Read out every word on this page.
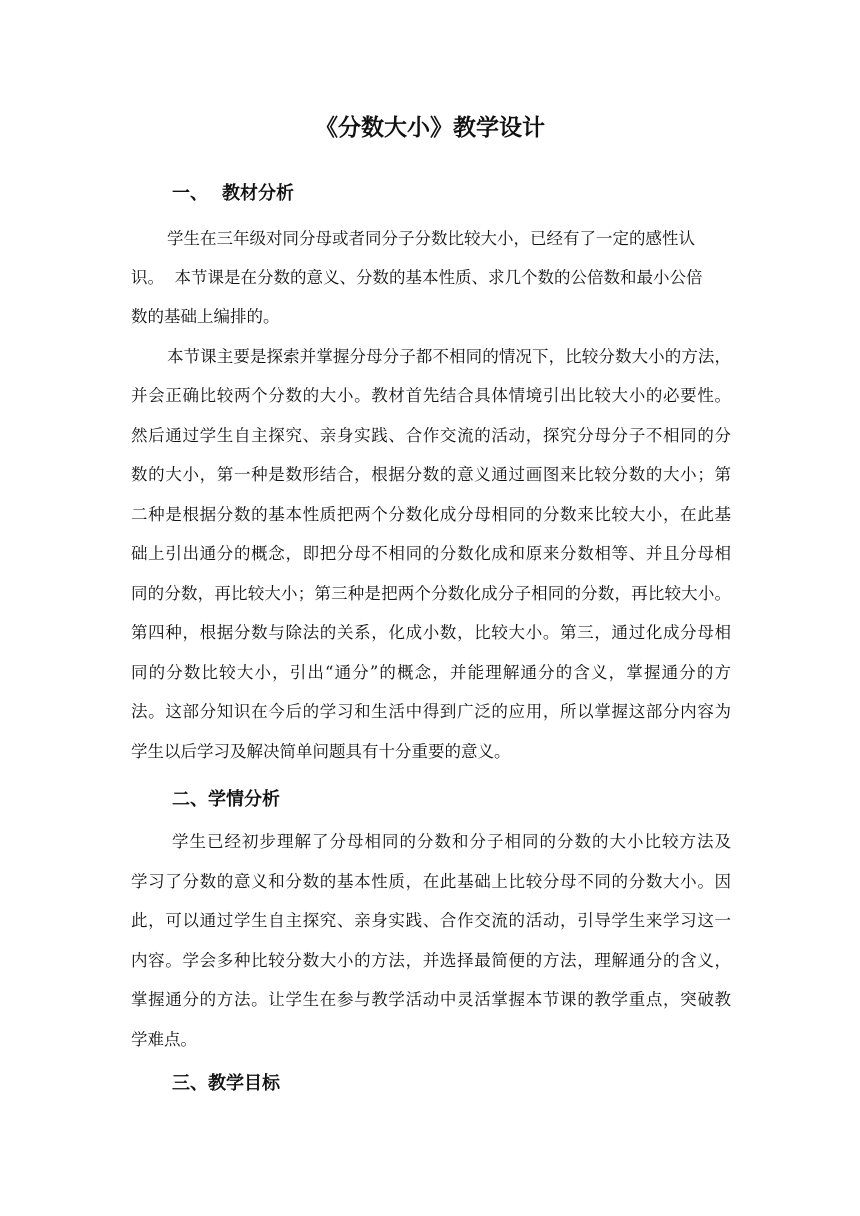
《分数大小》教学设计
一、 教材分析

学生在三年级对同分母或者同分子分数比较大小，已经有了一定的感性认

识。  本节课是在分数的意义、分数的基本性质、求几个数的公倍数和最小公倍

数的基础上编排的。

本节课主要是探索并掌握分母分子都不相同的情况下，比较分数大小的方法，

并会正确比较两个分数的大小。教材首先结合具体情境引出比较大小的必要性。

然后通过学生自主探究、亲身实践、合作交流的活动，探究分母分子不相同的分

数的大小，第一种是数形结合，根据分数的意义通过画图来比较分数的大小；第

二种是根据分数的基本性质把两个分数化成分母相同的分数来比较大小，在此基

础上引出通分的概念，即把分母不相同的分数化成和原来分数相等、并且分母相

同的分数，再比较大小；第三种是把两个分数化成分子相同的分数，再比较大小。

第四种，根据分数与除法的关系，化成小数，比较大小。第三，通过化成分母相

同的分数比较大小，引出“通分”的概念，并能理解通分的含义，掌握通分的方

法。这部分知识在今后的学习和生活中得到广泛的应用，所以掌握这部分内容为

学生以后学习及解决简单问题具有十分重要的意义。

二、学情分析

学生已经初步理解了分母相同的分数和分子相同的分数的大小比较方法及

学习了分数的意义和分数的基本性质，在此基础上比较分母不同的分数大小。因

此，可以通过学生自主探究、亲身实践、合作交流的活动，引导学生来学习这一

内容。学会多种比较分数大小的方法，并选择最简便的方法，理解通分的含义，

掌握通分的方法。让学生在参与教学活动中灵活掌握本节课的教学重点，突破教

学难点。

三、教学目标
